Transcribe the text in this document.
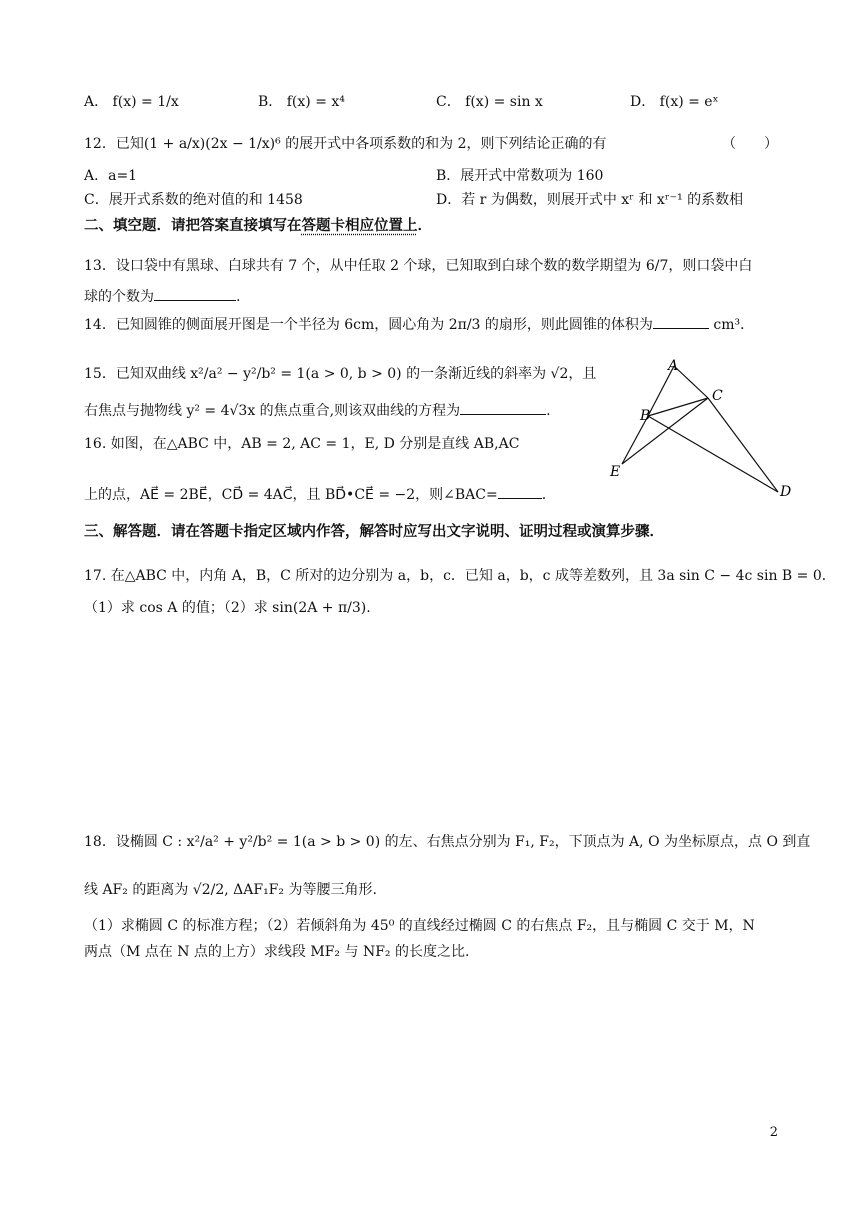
A． f(x) = 1/x	B． f(x) = x⁴	C． f(x) = sin x	D． f(x) = eˣ
12．已知(1 + a/x)(2x − 1/x)⁶ 的展开式中各项系数的和为 2，则下列结论正确的有	（　　）
A．a=1	B．展开式中常数项为 160
C．展开式系数的绝对值的和 1458	D．若 r 为偶数，则展开式中 xʳ 和 xʳ⁻¹ 的系数相
二、填空题．请把答案直接填写在答题卡相应位置上．
13．设口袋中有黑球、白球共有 7 个，从中任取 2 个球，已知取到白球个数的数学期望为 6/7，则口袋中白
球的个数为	.
14．已知圆锥的侧面展开图是一个半径为 6cm，圆心角为 2π/3 的扇形，则此圆锥的体积为	cm³．
15．已知双曲线 x²/a² − y²/b² = 1(a > 0, b > 0) 的一条渐近线的斜率为 √2，且
右焦点与抛物线 y² = 4√3x 的焦点重合,则该双曲线的方程为	.
16. 如图，在△ABC 中，AB = 2, AC = 1，E, D 分别是直线 AB,AC
上的点，AE⃗ = 2BE⃗，CD⃗ = 4AC⃗，且 BD⃗•CE⃗ = −2，则∠BAC=	.
A
B
C
E
D
三、解答题．请在答题卡指定区域内作答，解答时应写出文字说明、证明过程或演算步骤．
17. 在△ABC 中，内角 A，B，C 所对的边分别为 a，b，c．已知 a，b，c 成等差数列，且 3a sin C − 4c sin B = 0．
（1）求 cos A 的值；（2）求 sin(2A + π/3).
18．设椭圆 C : x²/a² + y²/b² = 1(a > b > 0) 的左、右焦点分别为 F₁, F₂，下顶点为 A, O 为坐标原点，点 O 到直
线 AF₂ 的距离为 √2/2, ΔAF₁F₂ 为等腰三角形.
（1）求椭圆 C 的标准方程；（2）若倾斜角为 45⁰ 的直线经过椭圆 C 的右焦点 F₂，且与椭圆 C 交于 M，N
两点（M 点在 N 点的上方）求线段 MF₂ 与 NF₂ 的长度之比.
2
